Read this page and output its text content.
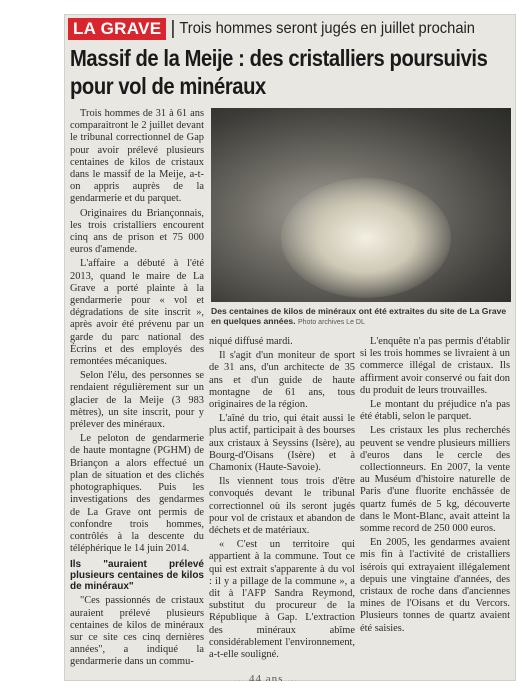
LA GRAVE	Trois hommes seront jugés en juillet prochain
Massif de la Meije : des cristalliers poursuivis pour vol de minéraux

Trois hommes de 31 à 61 ans comparaitront le 2 juillet devant le tribunal correctionnel de Gap pour avoir prélevé plusieurs centaines de kilos de cristaux dans le massif de la Meije, a-t-on appris auprès de la gendarmerie et du parquet.

Originaires du Briançonnais, les trois cristalliers encourent cinq ans de prison et 75 000 euros d'amende.

L'affaire a débuté à l'été 2013, quand le maire de La Grave a porté plainte à la gendarmerie pour « vol et dégradations de site inscrit », après avoir été prévenu par un garde du parc national des Écrins et des employés des remontées mécaniques.

Selon l'élu, des personnes se rendaient régulièrement sur un glacier de la Meije (3 983 mètres), un site inscrit, pour y prélever des minéraux.

Le peloton de gendarmerie de haute montagne (PGHM) de Briançon a alors effectué un plan de situation et des clichés photographiques. Puis les investigations des gendarmes de La Grave ont permis de confondre trois hommes, contrôlés à la descente du téléphérique le 14 juin 2014.

Ils "auraient prélevé plusieurs centaines de kilos de minéraux"

"Ces passionnés de cristaux auraient prélevé plusieurs centaines de kilos de minéraux sur ce site ces cinq dernières années", a indiqué la gendarmerie dans un commu-

Des centaines de kilos de minéraux ont été extraites du site de La Grave en quelques années. Photo archives Le DL

niqué diffusé mardi.

Il s'agit d'un moniteur de sport de 31 ans, d'un architecte de 35 ans et d'un guide de haute montagne de 61 ans, tous originaires de la région.

L'aîné du trio, qui était aussi le plus actif, participait à des bourses aux cristaux à Seyssins (Isère), au Bourg-d'Oisans (Isère) et à Chamonix (Haute-Savoie).

Ils viennent tous trois d'être convoqués devant le tribunal correctionnel où ils seront jugés pour vol de cristaux et abandon de déchets et de matériaux.

« C'est un territoire qui appartient à la commune. Tout ce qui est extrait s'apparente à du vol : il y a pillage de la commune », a dit à l'AFP Sandra Reymond, substitut du procureur de la République à Gap. L'extraction des minéraux abîme considérablement l'environnement, a-t-elle souligné.

L'enquête n'a pas permis d'établir si les trois hommes se livraient à un commerce illégal de cristaux. Ils affirment avoir conservé ou fait don du produit de leurs trouvailles.

Le montant du préjudice n'a pas été établi, selon le parquet.

Les cristaux les plus recherchés peuvent se vendre plusieurs milliers d'euros dans le cercle des collectionneurs. En 2007, la vente au Muséum d'histoire naturelle de Paris d'une fluorite enchâssée de quartz fumés de 5 kg, découverte dans le Mont-Blanc, avait atteint la somme record de 250 000 euros.

En 2005, les gendarmes avaient mis fin à l'activité de cristalliers isérois qui extrayaient illégalement depuis une vingtaine d'années, des cristaux de roche dans d'anciennes mines de l'Oisans et du Vercors. Plusieurs tonnes de quartz avaient été saisies.

... 44 ans ...
